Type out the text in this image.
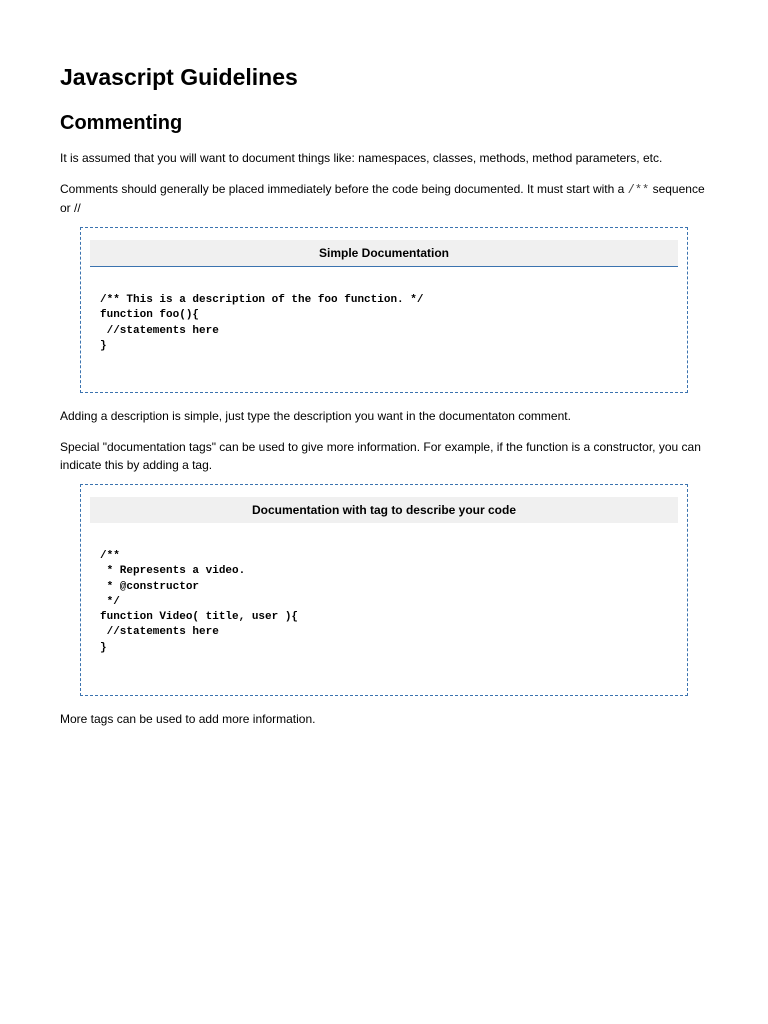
Javascript Guidelines
Commenting

It is assumed that you will want to document things like: namespaces, classes, methods, method parameters, etc.

Comments should generally be placed immediately before the code being documented. It must start with a /** sequence or //

Simple Documentation
/** This is a description of the foo function. */
function foo(){
//statements here
}

Adding a description is simple, just type the description you want in the documentaton comment.

Special "documentation tags" can be used to give more information. For example, if the function is a constructor, you can indicate this by adding a tag.

Documentation with tag to describe your code
/**
* Represents a video.
* @constructor
*/
function Video( title, user ){
//statements here
}

More tags can be used to add more information.
